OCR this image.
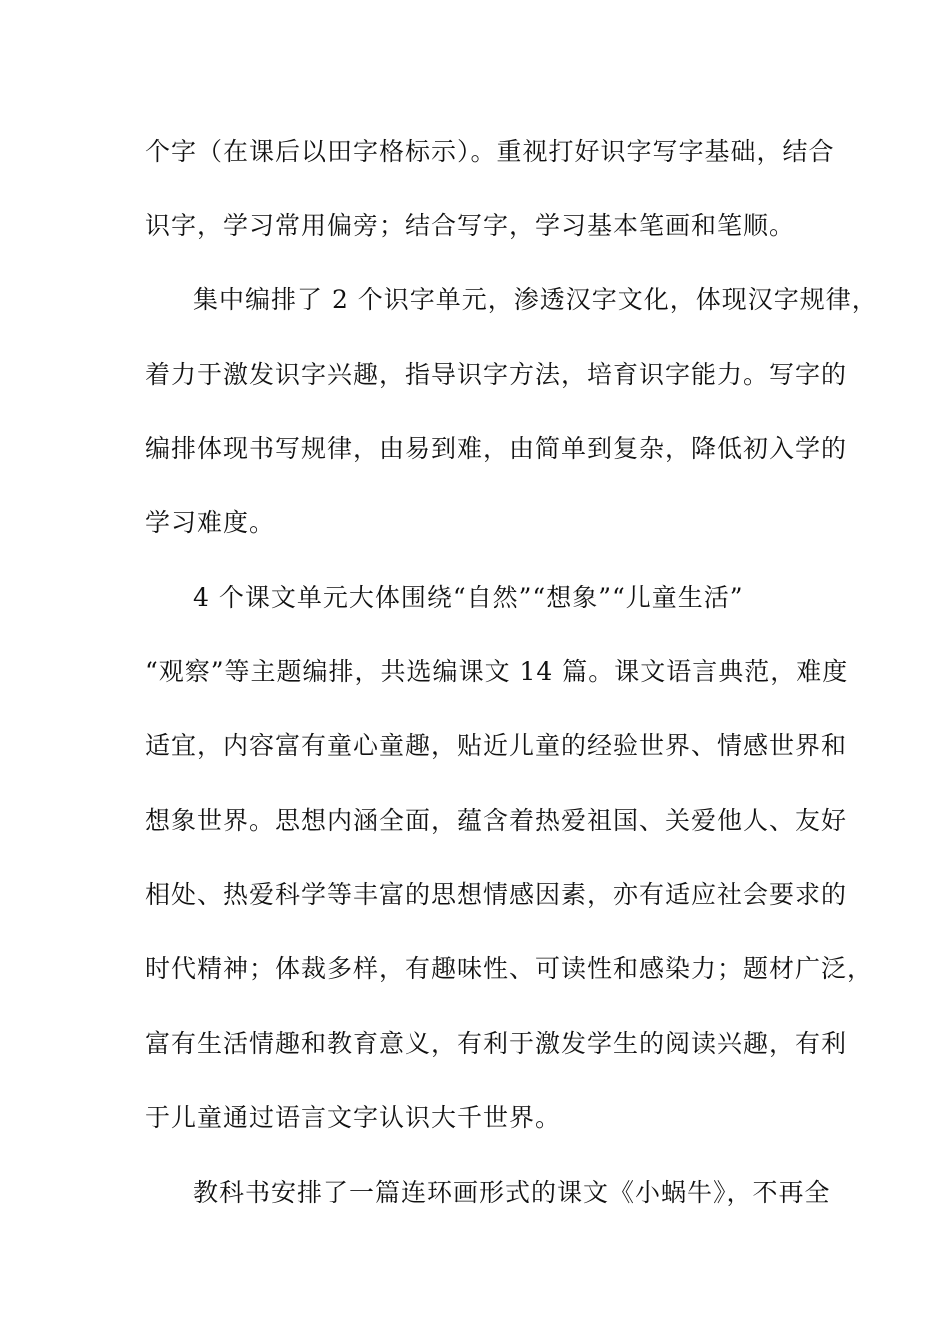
个字（在课后以田字格标示）。重视打好识字写字基础，结合
识字，学习常用偏旁；结合写字，学习基本笔画和笔顺。
集中编排了 2 个识字单元，渗透汉字文化，体现汉字规律，
着力于激发识字兴趣，指导识字方法，培育识字能力。写字的
编排体现书写规律，由易到难，由简单到复杂，降低初入学的
学习难度。
4 个课文单元大体围绕“自然”“想象”“儿童生活”
“观察”等主题编排，共选编课文 14 篇。课文语言典范，难度
适宜，内容富有童心童趣，贴近儿童的经验世界、情感世界和
想象世界。思想内涵全面，蕴含着热爱祖国、关爱他人、友好
相处、热爱科学等丰富的思想情感因素，亦有适应社会要求的
时代精神；体裁多样，有趣味性、可读性和感染力；题材广泛，
富有生活情趣和教育意义，有利于激发学生的阅读兴趣，有利
于儿童通过语言文字认识大千世界。
教科书安排了一篇连环画形式的课文《小蜗牛》，不再全
